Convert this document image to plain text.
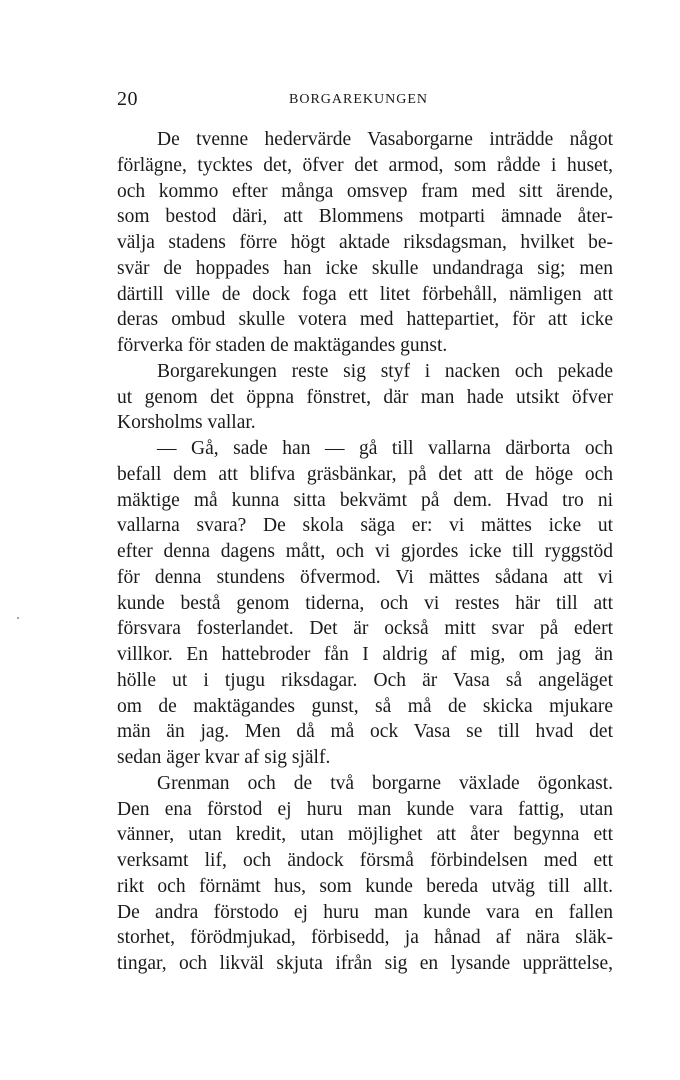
20	BORGAREKUNGEN
De tvenne hedervärde Vasaborgarne inträdde något
förlägne, tycktes det, öfver det armod, som rådde i huset,
och kommo efter många omsvep fram med sitt ärende,
som bestod däri, att Blommens motparti ämnade åter-
välja stadens förre högt aktade riksdagsman, hvilket be-
svär de hoppades han icke skulle undandraga sig; men
därtill ville de dock foga ett litet förbehåll, nämligen att
deras ombud skulle votera med hattepartiet, för att icke
förverka för staden de maktägandes gunst.
Borgarekungen reste sig styf i nacken och pekade
ut genom det öppna fönstret, där man hade utsikt öfver
Korsholms vallar.
— Gå, sade han — gå till vallarna därborta och
befall dem att blifva gräsbänkar, på det att de höge och
mäktige må kunna sitta bekvämt på dem. Hvad tro ni
vallarna svara? De skola säga er: vi mättes icke ut
efter denna dagens mått, och vi gjordes icke till ryggstöd
för denna stundens öfvermod. Vi mättes sådana att vi
kunde bestå genom tiderna, och vi restes här till att
försvara fosterlandet. Det är också mitt svar på edert
villkor. En hattebroder fån I aldrig af mig, om jag än
hölle ut i tjugu riksdagar. Och är Vasa så angeläget
om de maktägandes gunst, så må de skicka mjukare
män än jag. Men då må ock Vasa se till hvad det
sedan äger kvar af sig själf.
Grenman och de två borgarne växlade ögonkast.
Den ena förstod ej huru man kunde vara fattig, utan
vänner, utan kredit, utan möjlighet att åter begynna ett
verksamt lif, och ändock försmå förbindelsen med ett
rikt och förnämt hus, som kunde bereda utväg till allt.
De andra förstodo ej huru man kunde vara en fallen
storhet, förödmjukad, förbisedd, ja hånad af nära släk-
tingar, och likväl skjuta ifrån sig en lysande upprättelse,
